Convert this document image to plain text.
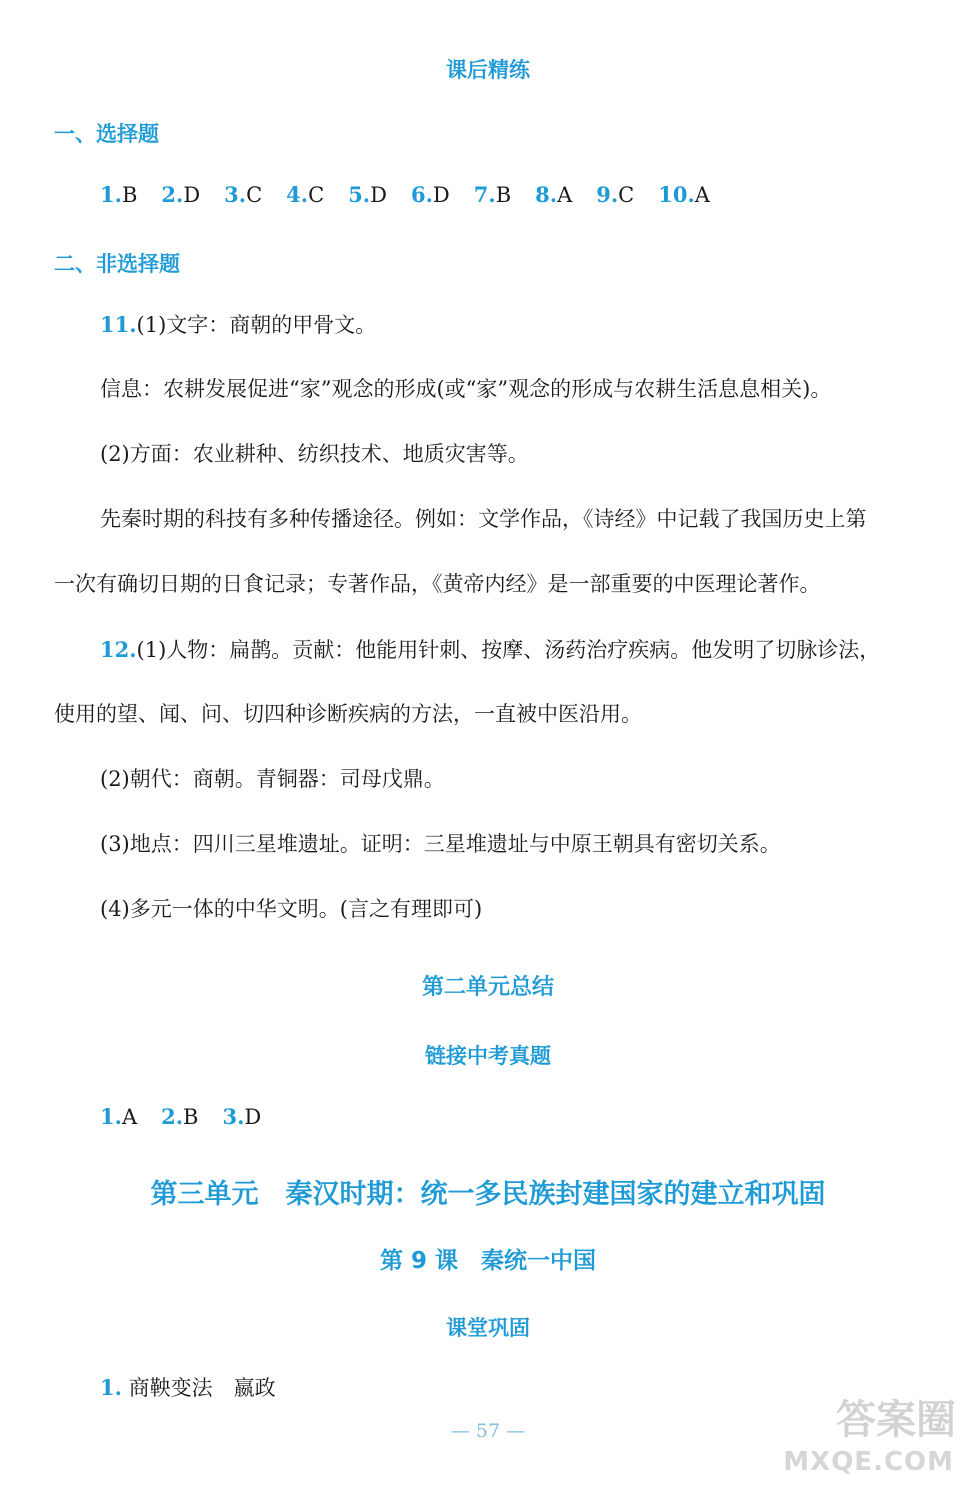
课后精练
一、选择题
1.B 2.D 3.C 4.C 5.D 6.D 7.B 8.A 9.C 10.A
二、非选择题
11.(1)文字：商朝的甲骨文。
信息：农耕发展促进“家”观念的形成(或“家”观念的形成与农耕生活息息相关)。
(2)方面：农业耕种、纺织技术、地质灾害等。
先秦时期的科技有多种传播途径。例如：文学作品，《诗经》中记载了我国历史上第
一次有确切日期的日食记录；专著作品，《黄帝内经》是一部重要的中医理论著作。
12.(1)人物：扁鹊。贡献：他能用针刺、按摩、汤药治疗疾病。他发明了切脉诊法，
使用的望、闻、问、切四种诊断疾病的方法，一直被中医沿用。
(2)朝代：商朝。青铜器：司母戊鼎。
(3)地点：四川三星堆遗址。证明：三星堆遗址与中原王朝具有密切关系。
(4)多元一体的中华文明。(言之有理即可)
第二单元总结
链接中考真题
1.A 2.B 3.D
第三单元　秦汉时期：统一多民族封建国家的建立和巩固
第 9 课　秦统一中国
课堂巩固
1. 商鞅变法　嬴政
— 57 —	答案圈
MXQE.COM
